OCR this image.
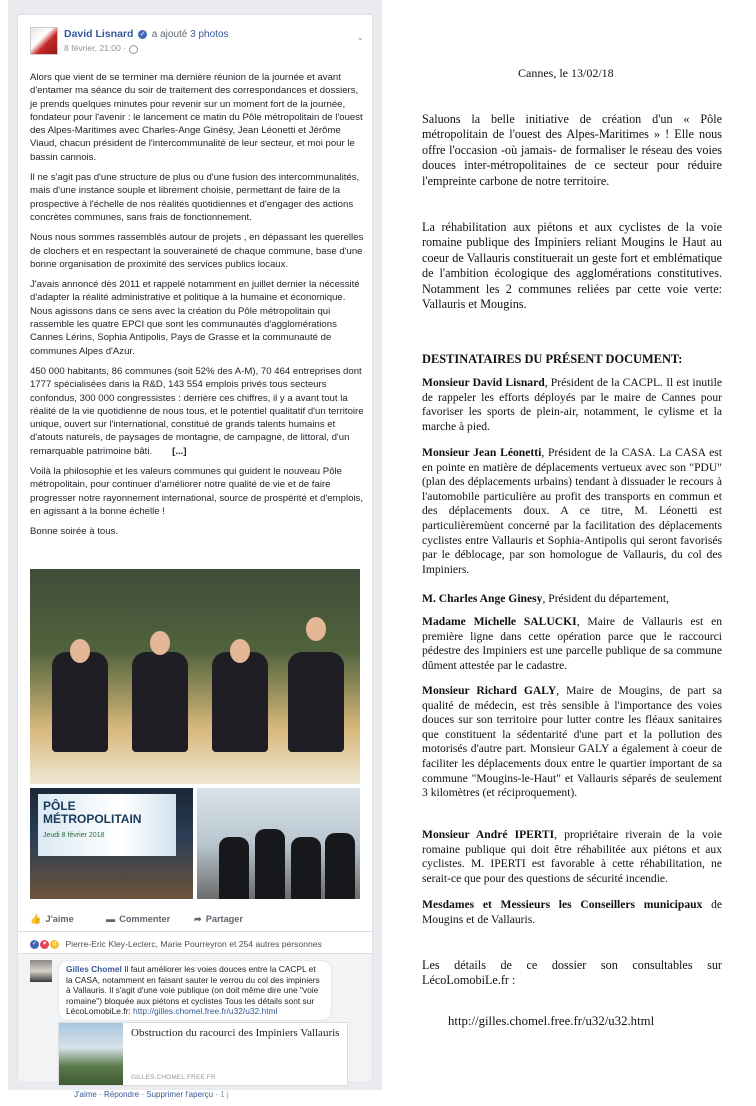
David Lisnard ✓ a ajouté 3 photos
8 février, 21:00 ·
⌄

Alors que vient de se terminer ma dernière réunion de la journée et avant d'entamer ma séance du soir de traitement des correspondances et dossiers, je prends quelques minutes pour revenir sur un moment fort de la journée, fondateur pour l'avenir : le lancement ce matin du Pôle métropolitain de l'ouest des Alpes-Maritimes avec Charles-Ange Ginésy, Jean Léonetti et Jérôme Viaud, chacun président de l'intercommunalité de leur secteur, et moi pour le bassin cannois.

Il ne s'agit pas d'une structure de plus ou d'une fusion des intercommunalités, mais d'une instance souple et librement choisie, permettant de faire de la prospective à l'échelle de nos réalités quotidiennes et d'engager des actions concrètes communes, sans frais de fonctionnement.

Nous nous sommes rassemblés autour de projets , en dépassant les querelles de clochers et en respectant la souveraineté de chaque commune, base d'une bonne organisation de proximité des services publics locaux.

J'avais annoncé dès 2011 et rappelé notamment en juillet dernier la nécessité d'adapter la réalité administrative et politique à la humaine et économique. Nous agissons dans ce sens avec la création du Pôle métropolitain qui rassemble les quatre EPCI que sont les communautés d'agglomérations Cannes Lérins, Sophia Antipolis, Pays de Grasse et la communauté de communes Alpes d'Azur.

450 000 habitants, 86 communes (soit 52% des A-M), 70 464 entreprises dont 1777 spécialisées dans la R&D, 143 554 emplois privés tous secteurs confondus, 300 000 congressistes : derrière ces chiffres, il y a avant tout la réalité de la vie quotidienne de nous tous, et le potentiel qualitatif d'un territoire unique, ouvert sur l'international, constitué de grands talents humains et d'atouts naturels, de paysages de montagne, de campagne, de littoral, d'un remarquable patrimoine bâti. [...]

Voilà la philosophie et les valeurs communes qui guident le nouveau Pôle métropolitain, pour continuer d'améliorer notre qualité de vie et de faire progresser notre rayonnement international, source de prospérité et d'emplois, en agissant à la bonne échelle !

Bonne soirée à tous.

PÔLE MÉTROPOLITAIN
Jeudi 8 février 2018
👍 J'aime	▬ Commenter	➦ Partager
✓ ♥ o Pierre-Eric Kley-Leclerc, Marie Pourreyron et 254 autres personnes
Gilles Chomel Il faut améliorer les voies douces entre la CACPL et la CASA, notamment en faisant sauter le verrou du col des impiniers à Vallauris. Il s'agit d'une voie publique (on doit même dire une "voie romaine") bloquée aux piétons et cyclistes Tous les détails sont sur LécoLomobiLe.fr: http://gilles.chomel.free.fr/u32/u32.html
Obstruction du racourci des Impiniers Vallauris
GILLES.CHOMEL.FREE.FR
J'aime · Répondre · Supprimer l'aperçu · 1 j
Cannes, le 13/02/18

Saluons la belle initiative de création d'un « Pôle métropolitain de l'ouest des Alpes-Maritimes » ! Elle nous offre l'occasion -où jamais- de formaliser le réseau des voies douces inter-métropolitaines de ce secteur pour réduire l'empreinte carbone de notre territoire.

La réhabilitation aux piétons et aux cyclistes de la voie romaine publique des Impiniers reliant Mougins le Haut au coeur de Vallauris constituerait un geste fort et emblématique de l'ambition écologique des agglomérations constitutives. Notamment les 2 communes reliées par cette voie verte: Vallauris et Mougins.

DESTINATAIRES DU PRÉSENT DOCUMENT:

Monsieur David Lisnard, Président de la CACPL. Il est inutile de rappeler les efforts déployés par le maire de Cannes pour favoriser les sports de plein-air, notamment, le cylisme et la marche à pied.

Monsieur Jean Léonetti, Président de la CASA. La CASA est en pointe en matière de déplacements vertueux avec son "PDU" (plan des déplacements urbains) tendant à dissuader le recours à l'automobile particulière au profit des transports en commun et des déplacements doux. A ce titre, M. Léonetti est particulièremùent concerné par la facilitation des déplacements cyclistes entre Vallauris et Sophia-Antipolis qui seront favorisés par le déblocage, par son homologue de Vallauris, du col des Impiniers.

M. Charles Ange Ginesy, Président du département,

Madame Michelle SALUCKI, Maire de Vallauris est en première ligne dans cette opération parce que le raccourci pédestre des Impiniers est une parcelle publique de sa commune dûment attestée par le cadastre.

Monsieur Richard GALY, Maire de Mougins, de part sa qualité de médecin, est très sensible à l'importance des voies douces sur son territoire pour lutter contre les fléaux sanitaires que constituent la sédentarité d'une part et la pollution des motorisés d'autre part. Monsieur GALY a également à coeur de faciliter les déplacements doux entre le quartier important de sa commune "Mougins-le-Haut" et Vallauris séparés de seulement 3 kilomètres (et réciproquement).

Monsieur André IPERTI, propriétaire riverain de la voie romaine publique qui doit être réhabilitée aux piétons et aux cyclistes. M. IPERTI est favorable à cette réhabilitation, ne serait-ce que pour des questions de sécurité incendie.

Mesdames et Messieurs les Conseillers municipaux de Mougins et de Vallauris.

Les détails de ce dossier son consultables sur LécoLomobiLe.fr :

http://gilles.chomel.free.fr/u32/u32.html
